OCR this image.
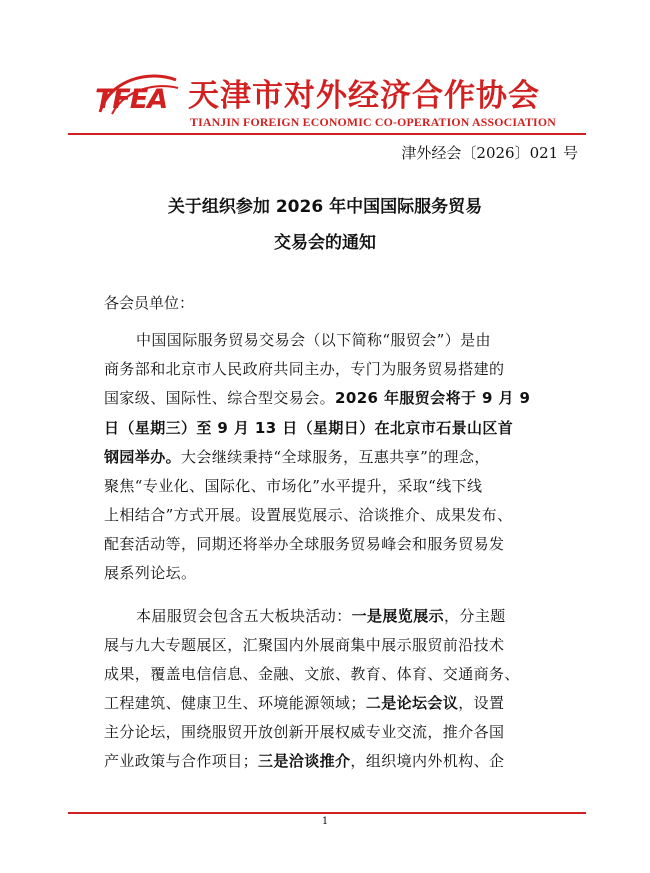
TFEA 天津市对外经济合作协会
TIANJIN FOREIGN ECONOMIC CO-OPERATION ASSOCIATION
津外经会〔2026〕021 号
关于组织参加 2026 年中国国际服务贸易
交易会的通知
各会员单位：
中国国际服务贸易交易会（以下简称“服贸会”）是由
商务部和北京市人民政府共同主办，专门为服务贸易搭建的
国家级、国际性、综合型交易会。2026 年服贸会将于 9 月 9
日（星期三）至 9 月 13 日（星期日）在北京市石景山区首
钢园举办。大会继续秉持“全球服务，互惠共享”的理念，
聚焦“专业化、国际化、市场化”水平提升，采取“线下线
上相结合”方式开展。设置展览展示、洽谈推介、成果发布、
配套活动等，同期还将举办全球服务贸易峰会和服务贸易发
展系列论坛。
本届服贸会包含五大板块活动：一是展览展示，分主题
展与九大专题展区，汇聚国内外展商集中展示服贸前沿技术
成果，覆盖电信信息、金融、文旅、教育、体育、交通商务、
工程建筑、健康卫生、环境能源领域；二是论坛会议，设置
主分论坛，围绕服贸开放创新开展权威专业交流，推介各国
产业政策与合作项目；三是洽谈推介，组织境内外机构、企
1
